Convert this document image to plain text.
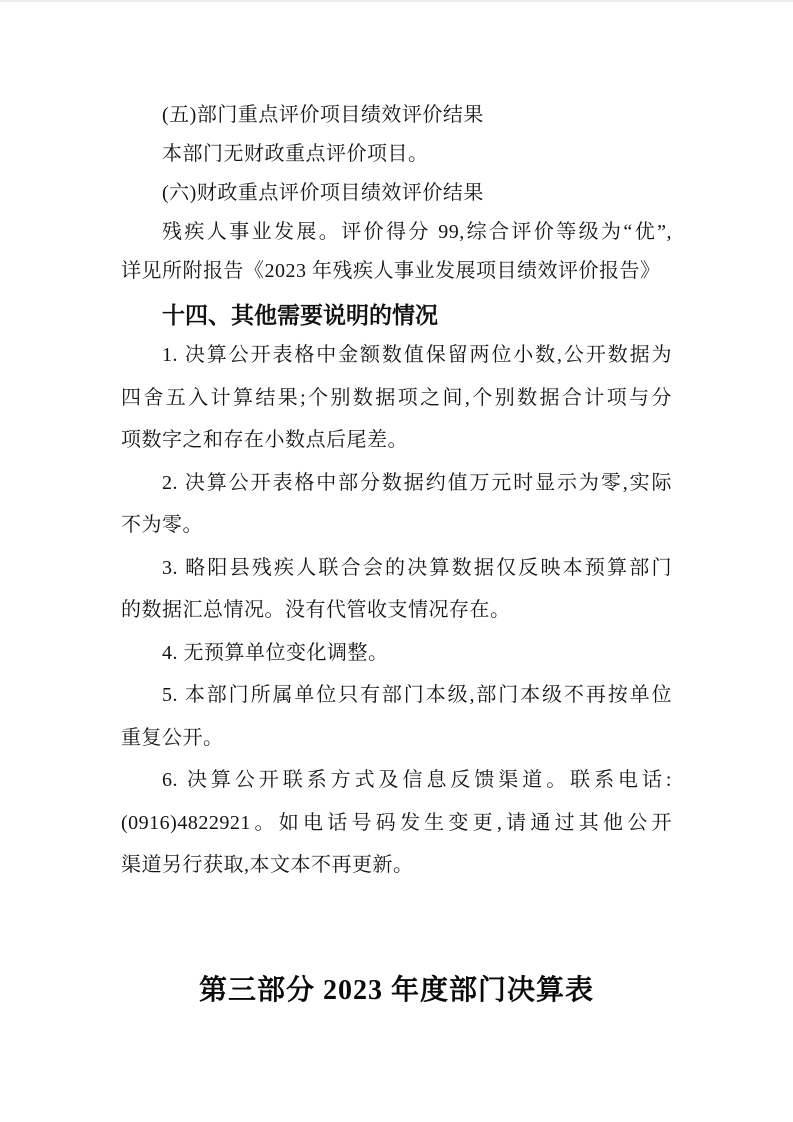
(五)部门重点评价项目绩效评价结果

本部门无财政重点评价项目。

(六)财政重点评价项目绩效评价结果

残疾人事业发展。评价得分 99,综合评价等级为“优”,

详见所附报告《2023 年残疾人事业发展项目绩效评价报告》

十四、其他需要说明的情况

1. 决算公开表格中金额数值保留两位小数,公开数据为

四舍五入计算结果;个别数据项之间,个别数据合计项与分

项数字之和存在小数点后尾差。

2. 决算公开表格中部分数据约值万元时显示为零,实际

不为零。

3. 略阳县残疾人联合会的决算数据仅反映本预算部门

的数据汇总情况。没有代管收支情况存在。

4. 无预算单位变化调整。

5. 本部门所属单位只有部门本级,部门本级不再按单位

重复公开。

6. 决算公开联系方式及信息反馈渠道。联系电话:

(0916)4822921。如电话号码发生变更,请通过其他公开

渠道另行获取,本文本不再更新。

第三部分 2023 年度部门决算表
